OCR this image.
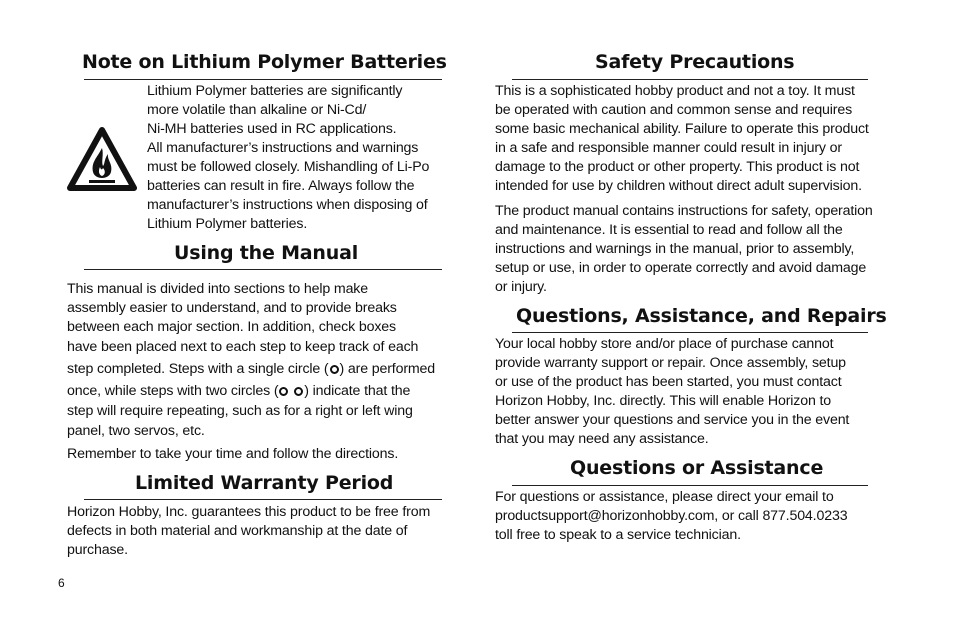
Note on Lithium Polymer Batteries

Lithium Polymer batteries are significantly

more volatile than alkaline or Ni-Cd/

Ni-MH batteries used in RC applications.

All manufacturer’s instructions and warnings

must be followed closely. Mishandling of Li-Po

batteries can result in fire. Always follow the

manufacturer’s instructions when disposing of

Lithium Polymer batteries.

Using the Manual

This manual is divided into sections to help make

assembly easier to understand, and to provide breaks

between each major section. In addition, check boxes

have been placed next to each step to keep track of each

step completed. Steps with a single circle ( ) are performed

once, while steps with two circles ( ) indicate that the

step will require repeating, such as for a right or left wing

panel, two servos, etc.

Remember to take your time and follow the directions.

Limited Warranty Period

Horizon Hobby, Inc. guarantees this product to be free from

defects in both material and workmanship at the date of

purchase.

6
Safety Precautions

This is a sophisticated hobby product and not a toy. It must

be operated with caution and common sense and requires

some basic mechanical ability. Failure to operate this product

in a safe and responsible manner could result in injury or

damage to the product or other property. This product is not

intended for use by children without direct adult supervision.

The product manual contains instructions for safety, operation

and maintenance. It is essential to read and follow all the

instructions and warnings in the manual, prior to assembly,

setup or use, in order to operate correctly and avoid damage

or injury.

Questions, Assistance, and Repairs

Your local hobby store and/or place of purchase cannot

provide warranty support or repair. Once assembly, setup

or use of the product has been started, you must contact

Horizon Hobby, Inc. directly. This will enable Horizon to

better answer your questions and service you in the event

that you may need any assistance.

Questions or Assistance

For questions or assistance, please direct your email to

productsupport@horizonhobby.com, or call 877.504.0233

toll free to speak to a service technician.
